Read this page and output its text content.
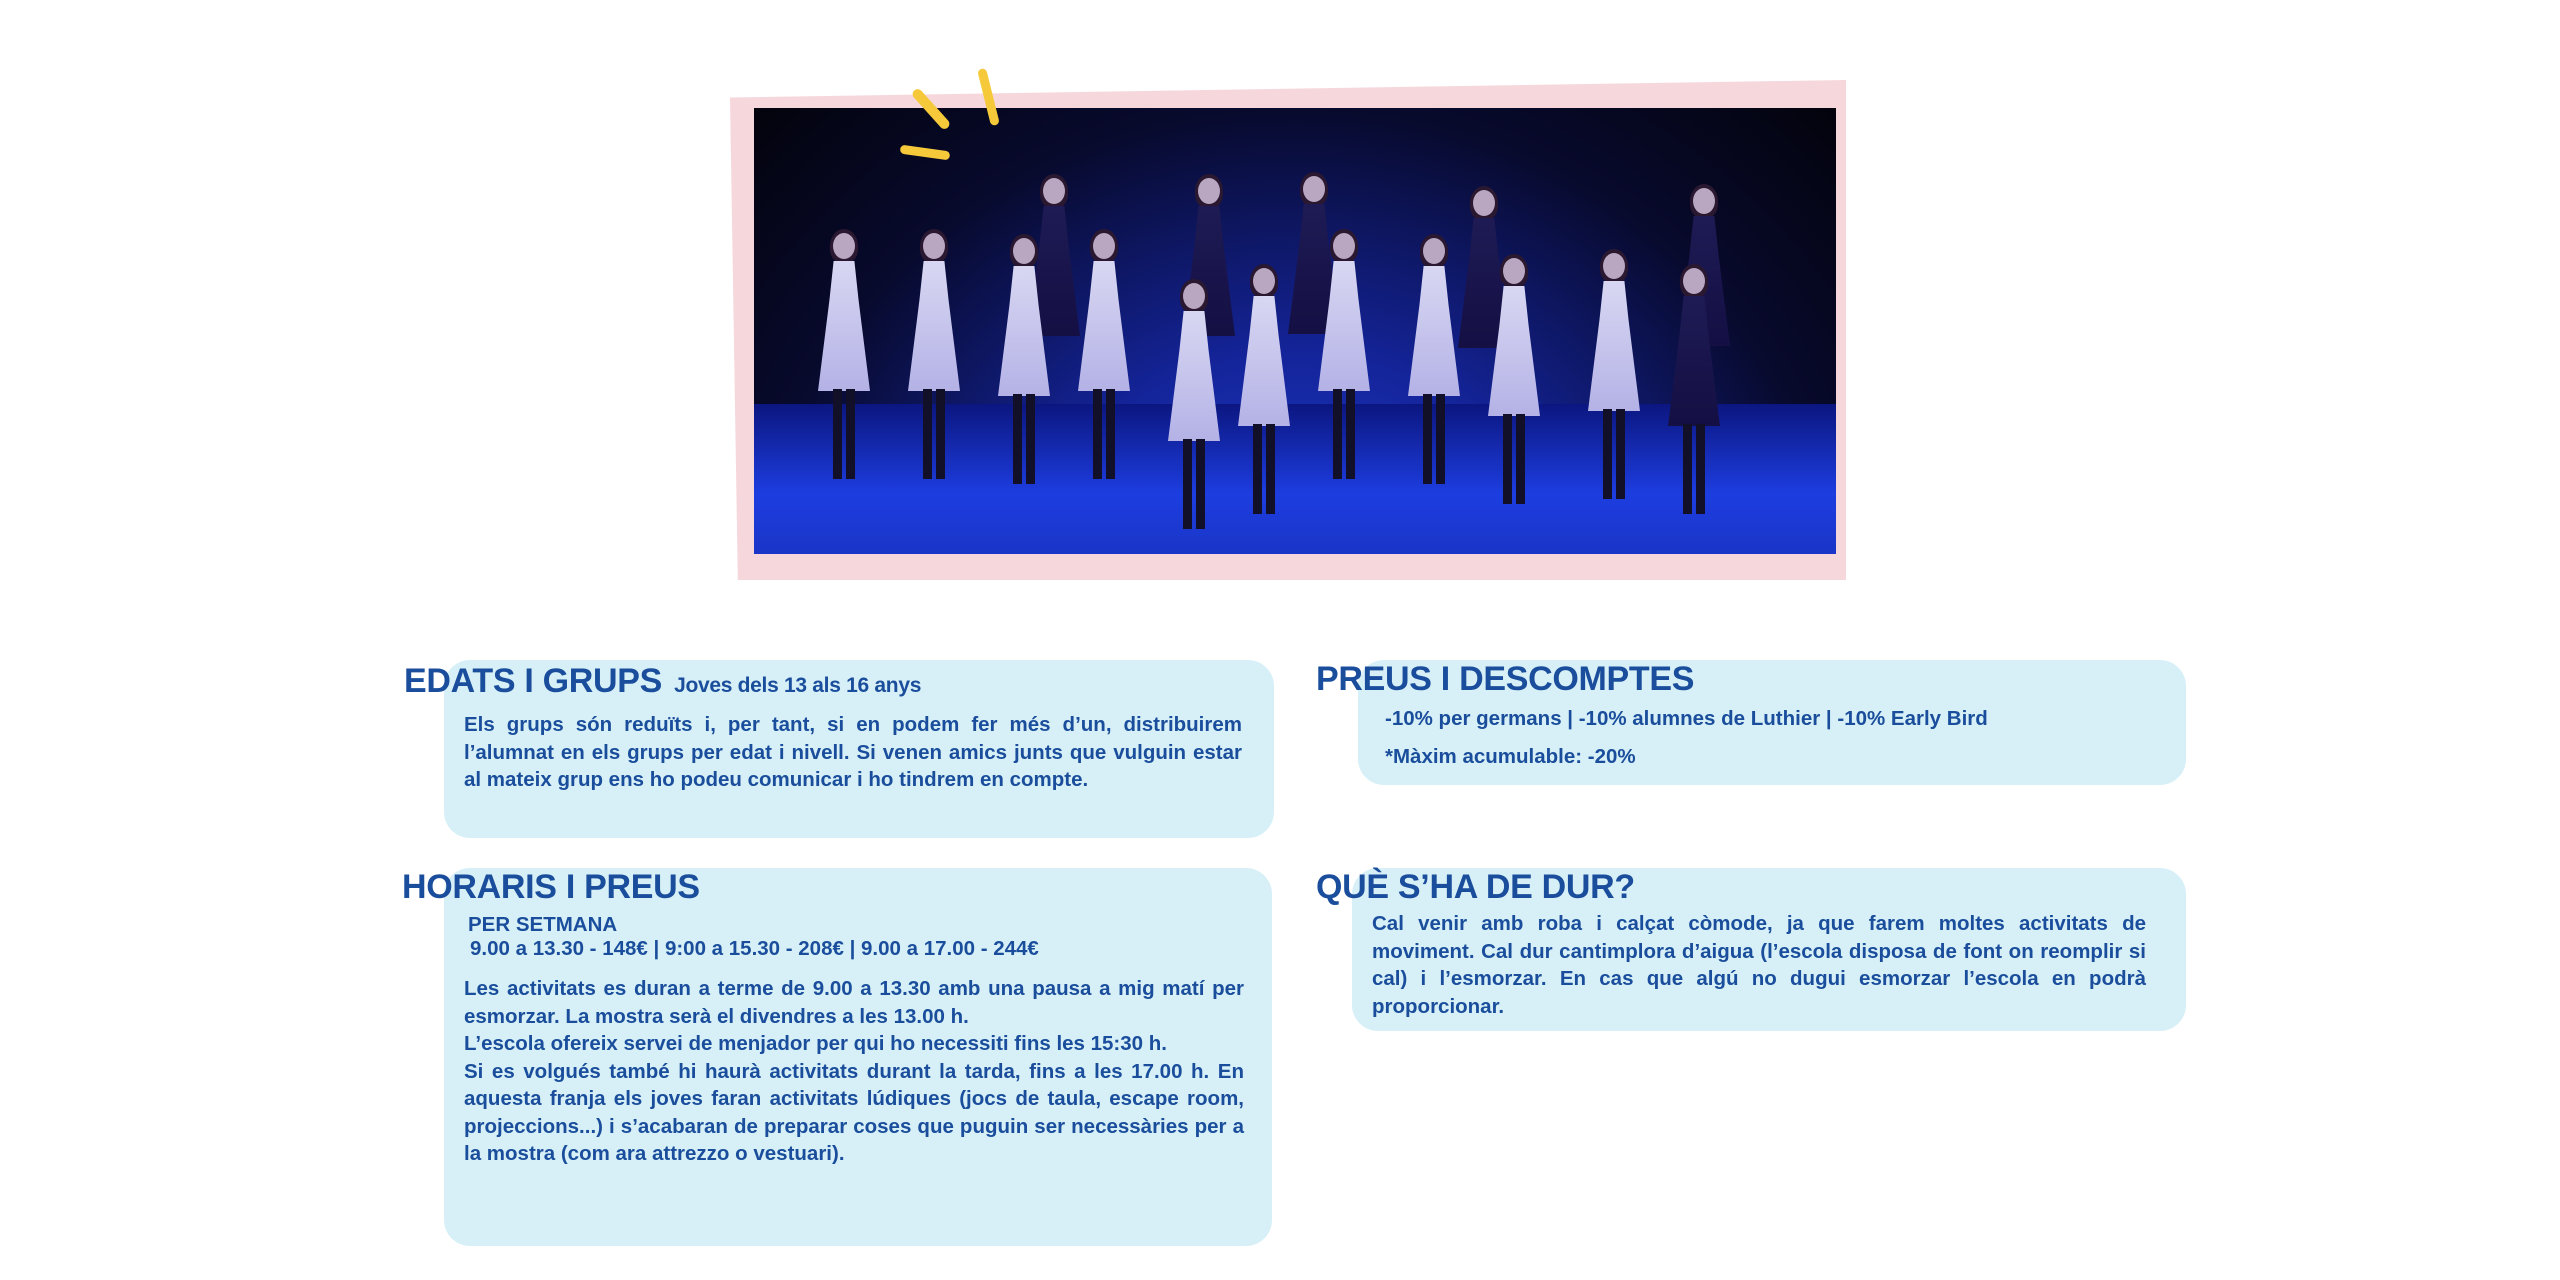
EDATS I GRUPS Joves dels 13 als 16 anys

Els grups són reduïts i, per tant, si en podem fer més d’un, distribuirem l’alumnat en els grups per edat i nivell. Si venen amics junts que vulguin estar al mateix grup ens ho podeu comunicar i ho tindrem en compte.

PREUS I DESCOMPTES

-10% per germans | -10% alumnes de Luthier | -10% Early Bird

*Màxim acumulable: -20%

HORARIS I PREUS

PER SETMANA

9.00 a 13.30 - 148€ | 9:00 a 15.30 - 208€ | 9.00 a 17.00 - 244€

Les activitats es duran a terme de 9.00 a 13.30 amb una pausa a mig matí per esmorzar. La mostra serà el divendres a les 13.00 h.

L’escola ofereix servei de menjador per qui ho necessiti fins les 15:30 h.

Si es volgués també hi haurà activitats durant la tarda, fins a les 17.00 h. En aquesta franja els joves faran activitats lúdiques (jocs de taula, escape room, projeccions...) i s’acabaran de preparar coses que puguin ser necessàries per a la mostra (com ara attrezzo o vestuari).

QUÈ S’HA DE DUR?

Cal venir amb roba i calçat còmode, ja que farem moltes activitats de moviment. Cal dur cantimplora d’aigua (l’escola disposa de font on reomplir si cal) i l’esmorzar. En cas que algú no dugui esmorzar l’escola en podrà proporcionar.
